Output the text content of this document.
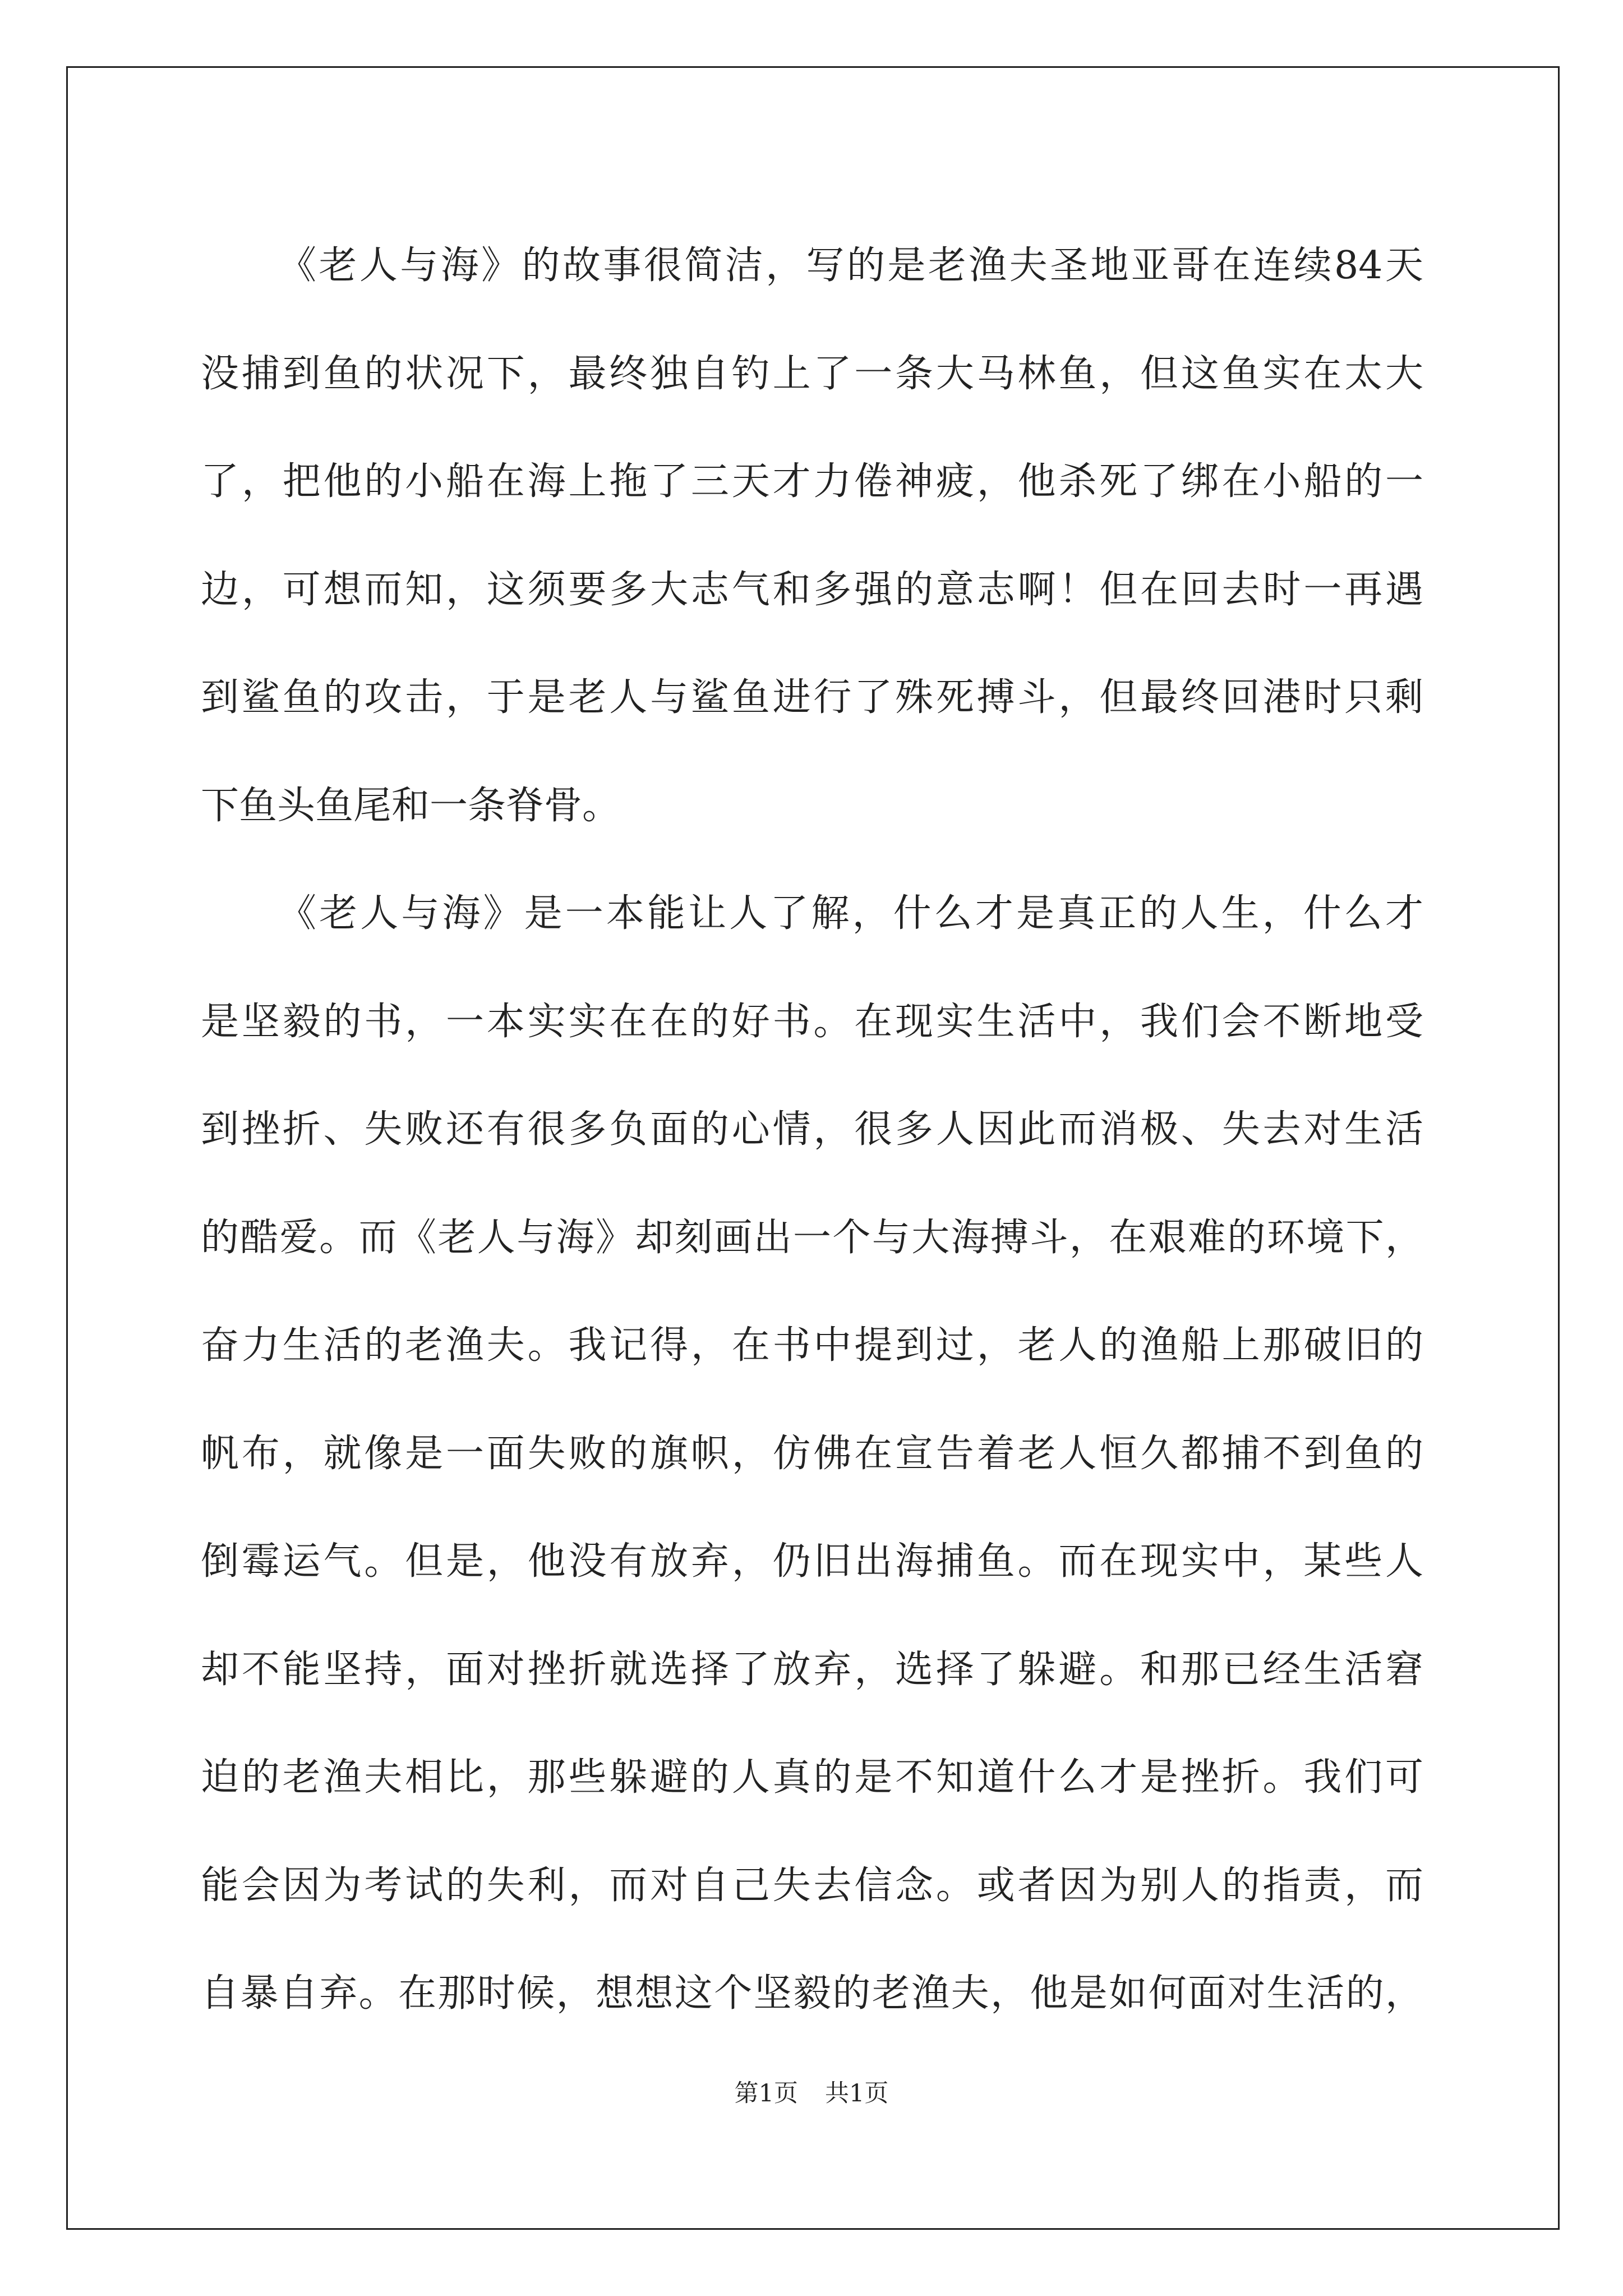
《老人与海》的故事很简洁，写的是老渔夫圣地亚哥在连续84天
没捕到鱼的状况下，最终独自钓上了一条大马林鱼，但这鱼实在太大
了，把他的小船在海上拖了三天才力倦神疲，他杀死了绑在小船的一
边，可想而知，这须要多大志气和多强的意志啊！但在回去时一再遇
到鲨鱼的攻击，于是老人与鲨鱼进行了殊死搏斗，但最终回港时只剩
下鱼头鱼尾和一条脊骨。
《老人与海》是一本能让人了解，什么才是真正的人生，什么才
是坚毅的书，一本实实在在的好书。在现实生活中，我们会不断地受
到挫折、失败还有很多负面的心情，很多人因此而消极、失去对生活
的酷爱。而《老人与海》却刻画出一个与大海搏斗，在艰难的环境下，
奋力生活的老渔夫。我记得，在书中提到过，老人的渔船上那破旧的
帆布，就像是一面失败的旗帜，仿佛在宣告着老人恒久都捕不到鱼的
倒霉运气。但是，他没有放弃，仍旧出海捕鱼。而在现实中，某些人
却不能坚持，面对挫折就选择了放弃，选择了躲避。和那已经生活窘
迫的老渔夫相比，那些躲避的人真的是不知道什么才是挫折。我们可
能会因为考试的失利，而对自己失去信念。或者因为别人的指责，而
自暴自弃。在那时候，想想这个坚毅的老渔夫，他是如何面对生活的，
第1页 共1页
